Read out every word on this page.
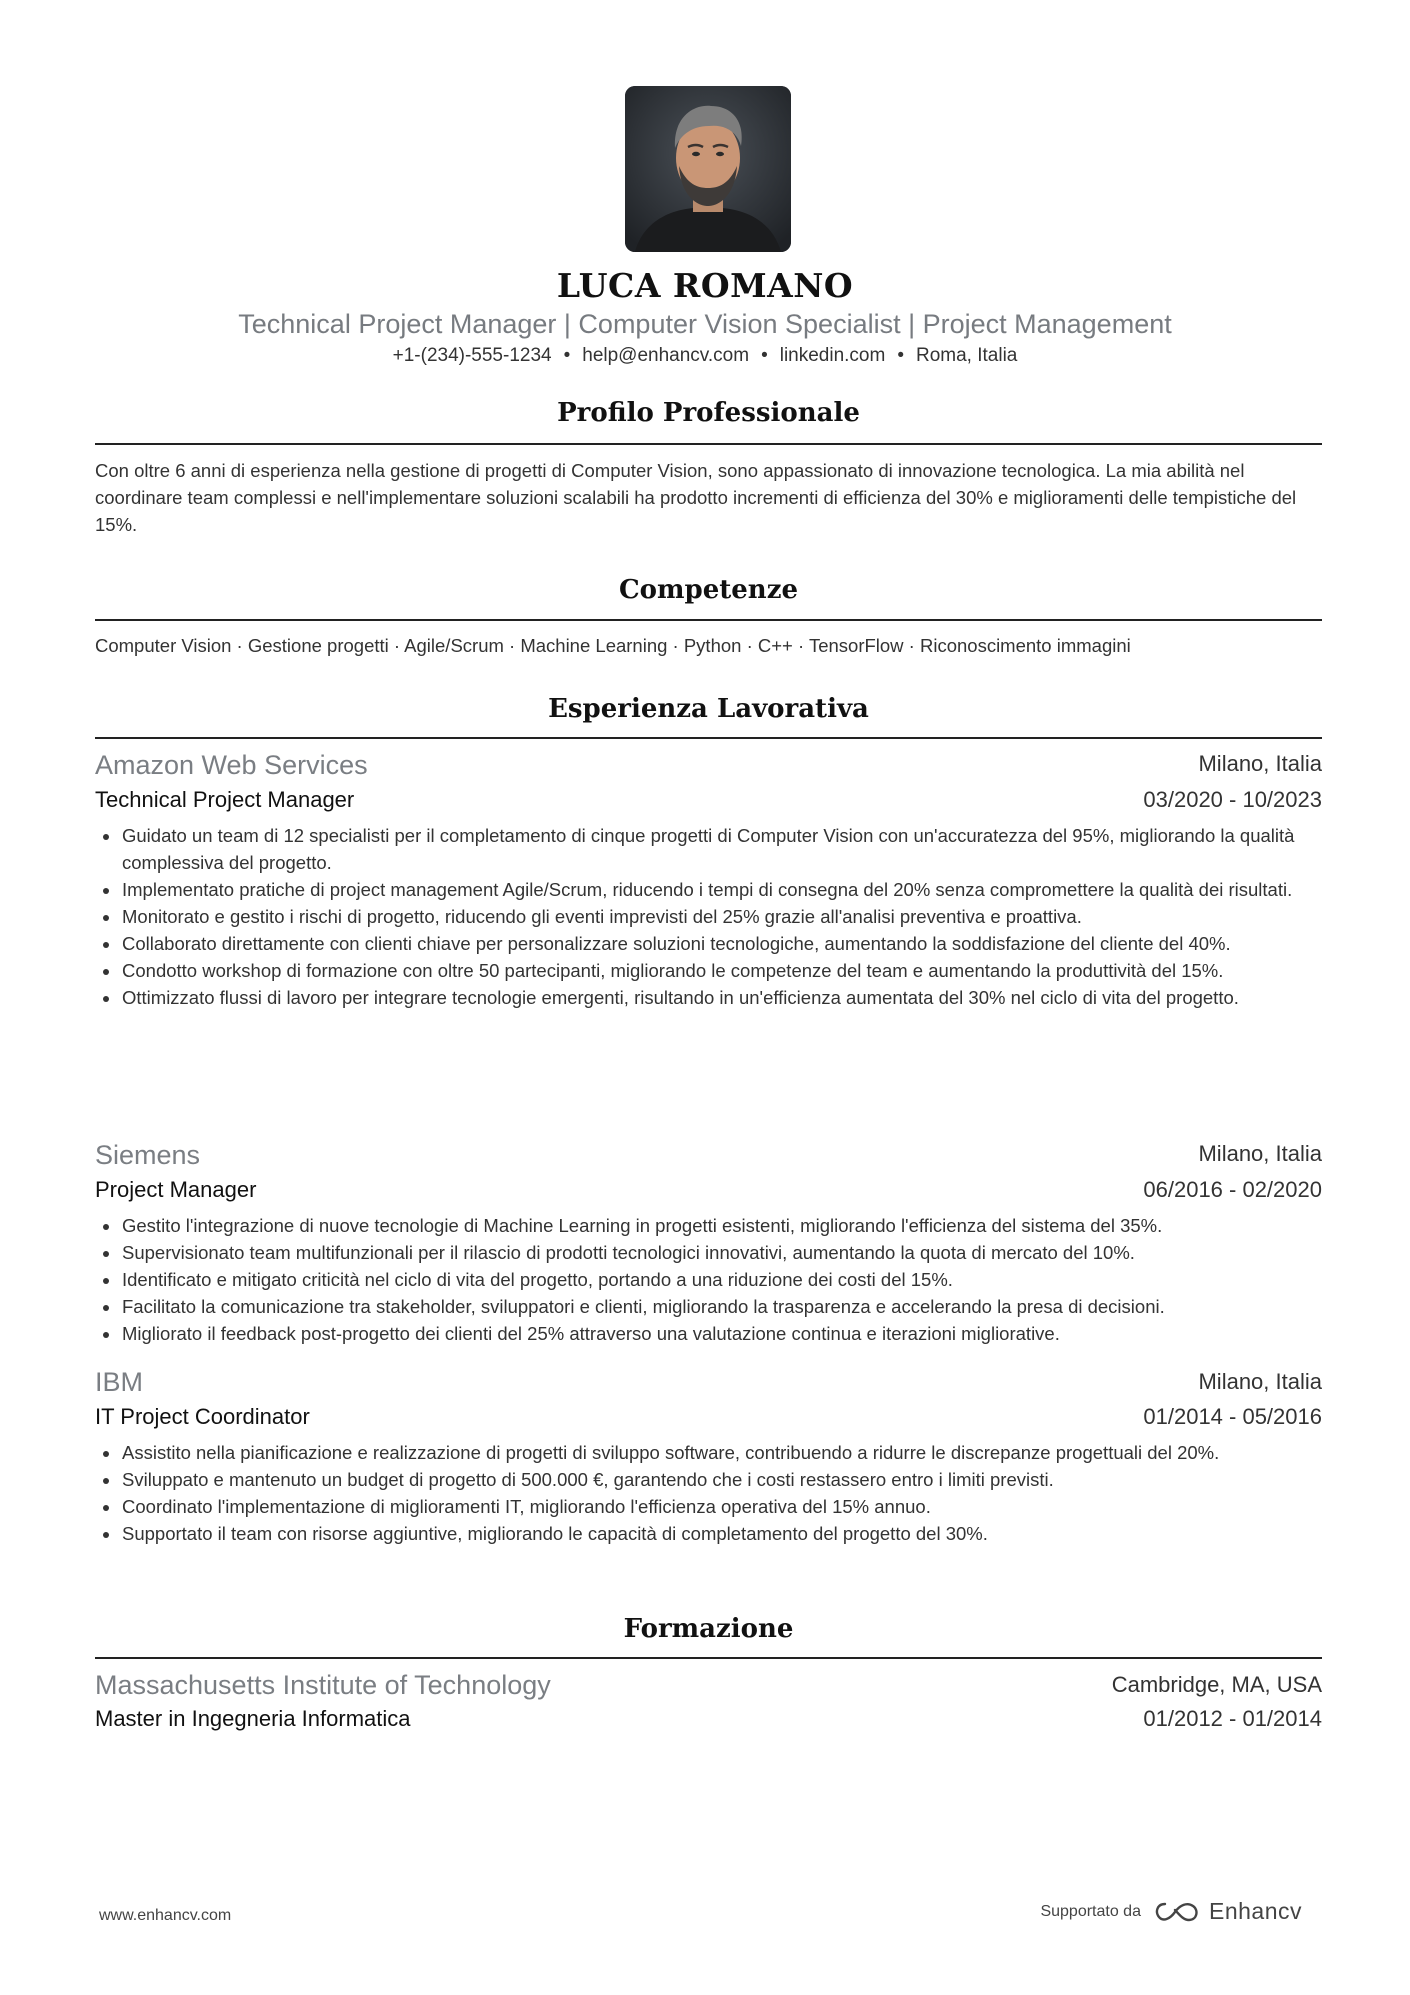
LUCA ROMANO
Technical Project Manager | Computer Vision Specialist | Project Management
+1-(234)-555-1234 • help@enhancv.com • linkedin.com • Roma, Italia
Profilo Professionale
Con oltre 6 anni di esperienza nella gestione di progetti di Computer Vision, sono appassionato di innovazione tecnologica. La mia abilità nel coordinare team complessi e nell'implementare soluzioni scalabili ha prodotto incrementi di efficienza del 30% e miglioramenti delle tempistiche del 15%.
Competenze
Computer Vision · Gestione progetti · Agile/Scrum · Machine Learning · Python · C++ · TensorFlow · Riconoscimento immagini
Esperienza Lavorativa
Amazon Web Services	Milano, Italia
Technical Project Manager	03/2020 - 10/2023
Guidato un team di 12 specialisti per il completamento di cinque progetti di Computer Vision con un'accuratezza del 95%, migliorando la qualità complessiva del progetto.
Implementato pratiche di project management Agile/Scrum, riducendo i tempi di consegna del 20% senza compromettere la qualità dei risultati.
Monitorato e gestito i rischi di progetto, riducendo gli eventi imprevisti del 25% grazie all'analisi preventiva e proattiva.
Collaborato direttamente con clienti chiave per personalizzare soluzioni tecnologiche, aumentando la soddisfazione del cliente del 40%.
Condotto workshop di formazione con oltre 50 partecipanti, migliorando le competenze del team e aumentando la produttività del 15%.
Ottimizzato flussi di lavoro per integrare tecnologie emergenti, risultando in un'efficienza aumentata del 30% nel ciclo di vita del progetto.
Siemens	Milano, Italia
Project Manager	06/2016 - 02/2020
Gestito l'integrazione di nuove tecnologie di Machine Learning in progetti esistenti, migliorando l'efficienza del sistema del 35%.
Supervisionato team multifunzionali per il rilascio di prodotti tecnologici innovativi, aumentando la quota di mercato del 10%.
Identificato e mitigato criticità nel ciclo di vita del progetto, portando a una riduzione dei costi del 15%.
Facilitato la comunicazione tra stakeholder, sviluppatori e clienti, migliorando la trasparenza e accelerando la presa di decisioni.
Migliorato il feedback post-progetto dei clienti del 25% attraverso una valutazione continua e iterazioni migliorative.
IBM	Milano, Italia
IT Project Coordinator	01/2014 - 05/2016
Assistito nella pianificazione e realizzazione di progetti di sviluppo software, contribuendo a ridurre le discrepanze progettuali del 20%.
Sviluppato e mantenuto un budget di progetto di 500.000 €, garantendo che i costi restassero entro i limiti previsti.
Coordinato l'implementazione di miglioramenti IT, migliorando l'efficienza operativa del 15% annuo.
Supportato il team con risorse aggiuntive, migliorando le capacità di completamento del progetto del 30%.
Formazione
Massachusetts Institute of Technology	Cambridge, MA, USA
Master in Ingegneria Informatica	01/2012 - 01/2014
www.enhancv.com	Supportato da	Enhancv
